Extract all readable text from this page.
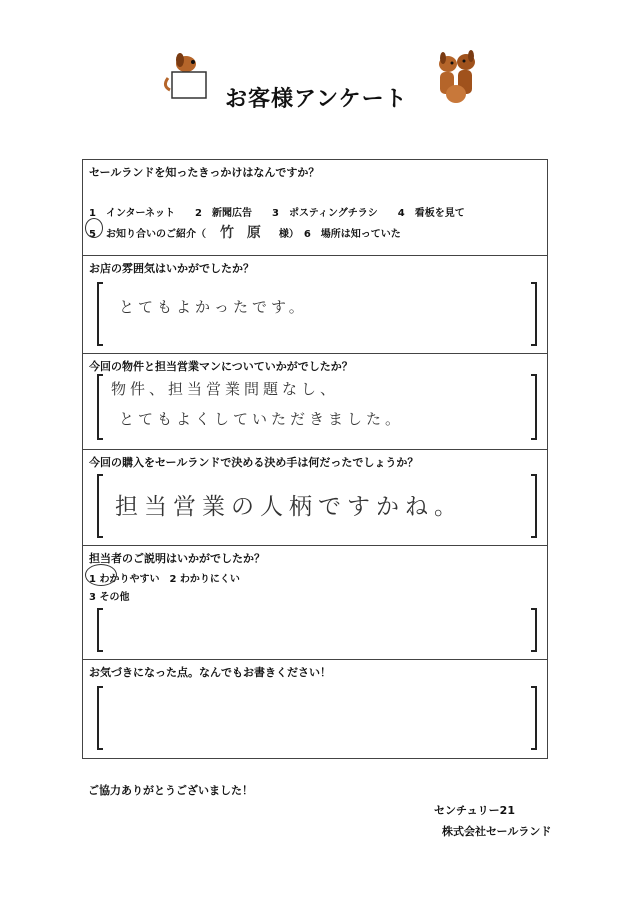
お客様アンケート
セールランドを知ったきっかけはなんですか？
1　インターネット　　2　新聞広告　　3　ポスティングチラシ　　4　看板を見て
5　お知り合いのご紹介（ 竹 原 様）　6　場所は知っていた
お店の雰囲気はいかがでしたか？
とてもよかったです。
今回の物件と担当営業マンについていかがでしたか？
物件、担当営業問題なし、
とてもよくしていただきました。
今回の購入をセールランドで決める決め手は何だったでしょうか？
担当営業の人柄ですかね。
担当者のご説明はいかがでしたか？
1 わかりやすい　2 わかりにくい
3 その他
お気づきになった点。なんでもお書きください！
ご協力ありがとうございました！
センチュリー21
株式会社セールランド
